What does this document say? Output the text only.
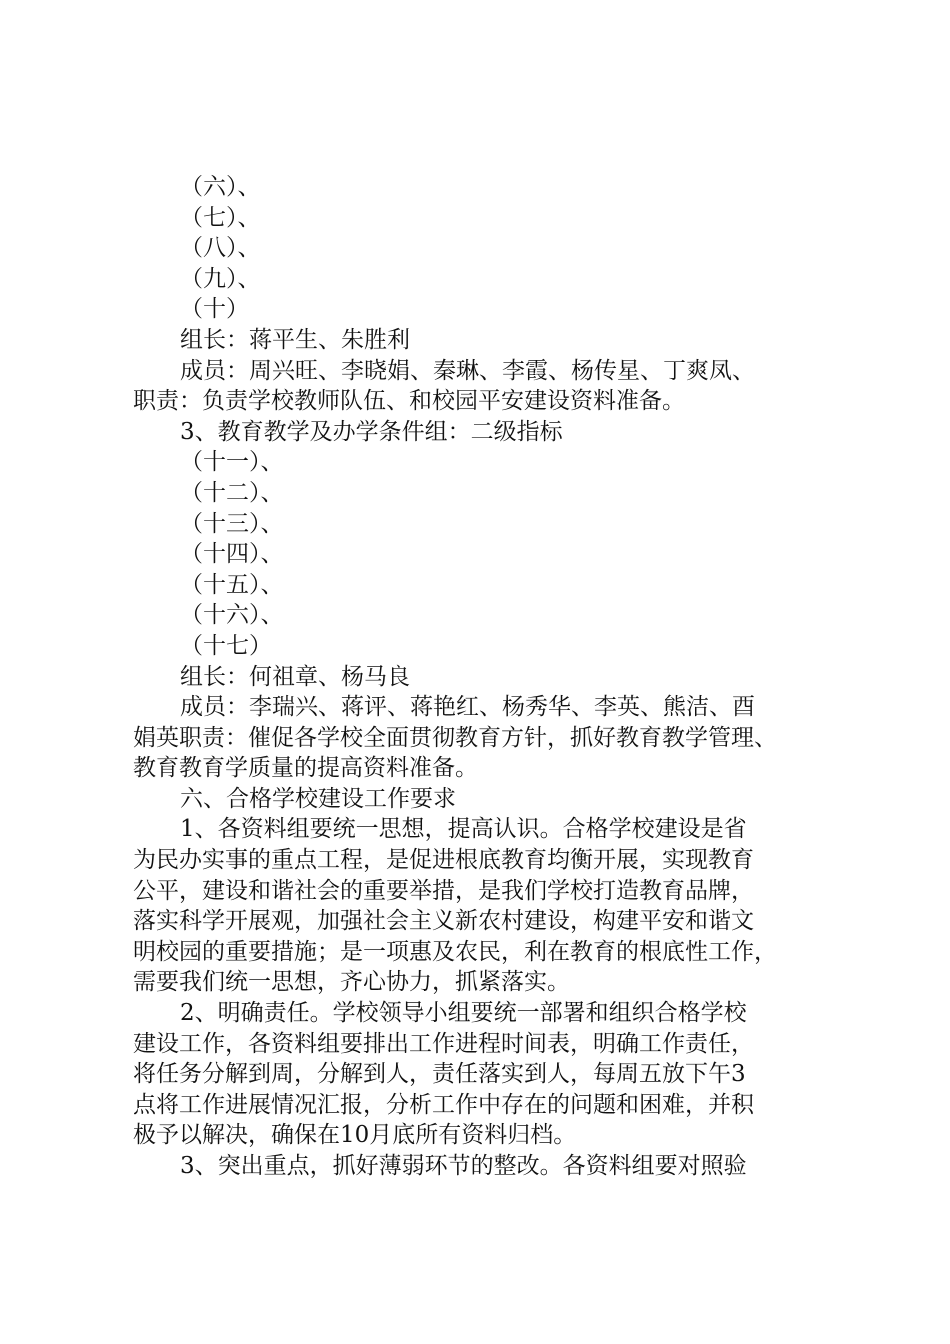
（六）、
（七）、
（八）、
（九）、
（十）
组长：蒋平生、朱胜利
成员：周兴旺、李晓娟、秦琳、李霞、杨传星、丁爽凤、
职责：负责学校教师队伍、和校园平安建设资料准备。
3、教育教学及办学条件组：二级指标
（十一）、
（十二）、
（十三）、
（十四）、
（十五）、
（十六）、
（十七）
组长：何祖章、杨马良
成员：李瑞兴、蒋评、蒋艳红、杨秀华、李英、熊洁、酉
娟英职责：催促各学校全面贯彻教育方针，抓好教育教学管理、
教育教育学质量的提高资料准备。
六、合格学校建设工作要求
1、各资料组要统一思想，提高认识。合格学校建设是省
为民办实事的重点工程，是促进根底教育均衡开展，实现教育
公平，建设和谐社会的重要举措，是我们学校打造教育品牌，
落实科学开展观，加强社会主义新农村建设，构建平安和谐文
明校园的重要措施；是一项惠及农民，利在教育的根底性工作，
需要我们统一思想，齐心协力，抓紧落实。
2、明确责任。学校领导小组要统一部署和组织合格学校
建设工作，各资料组要排出工作进程时间表，明确工作责任，
将任务分解到周，分解到人，责任落实到人，每周五放下午3
点将工作进展情况汇报，分析工作中存在的问题和困难，并积
极予以解决，确保在10月底所有资料归档。
3、突出重点，抓好薄弱环节的整改。各资料组要对照验
